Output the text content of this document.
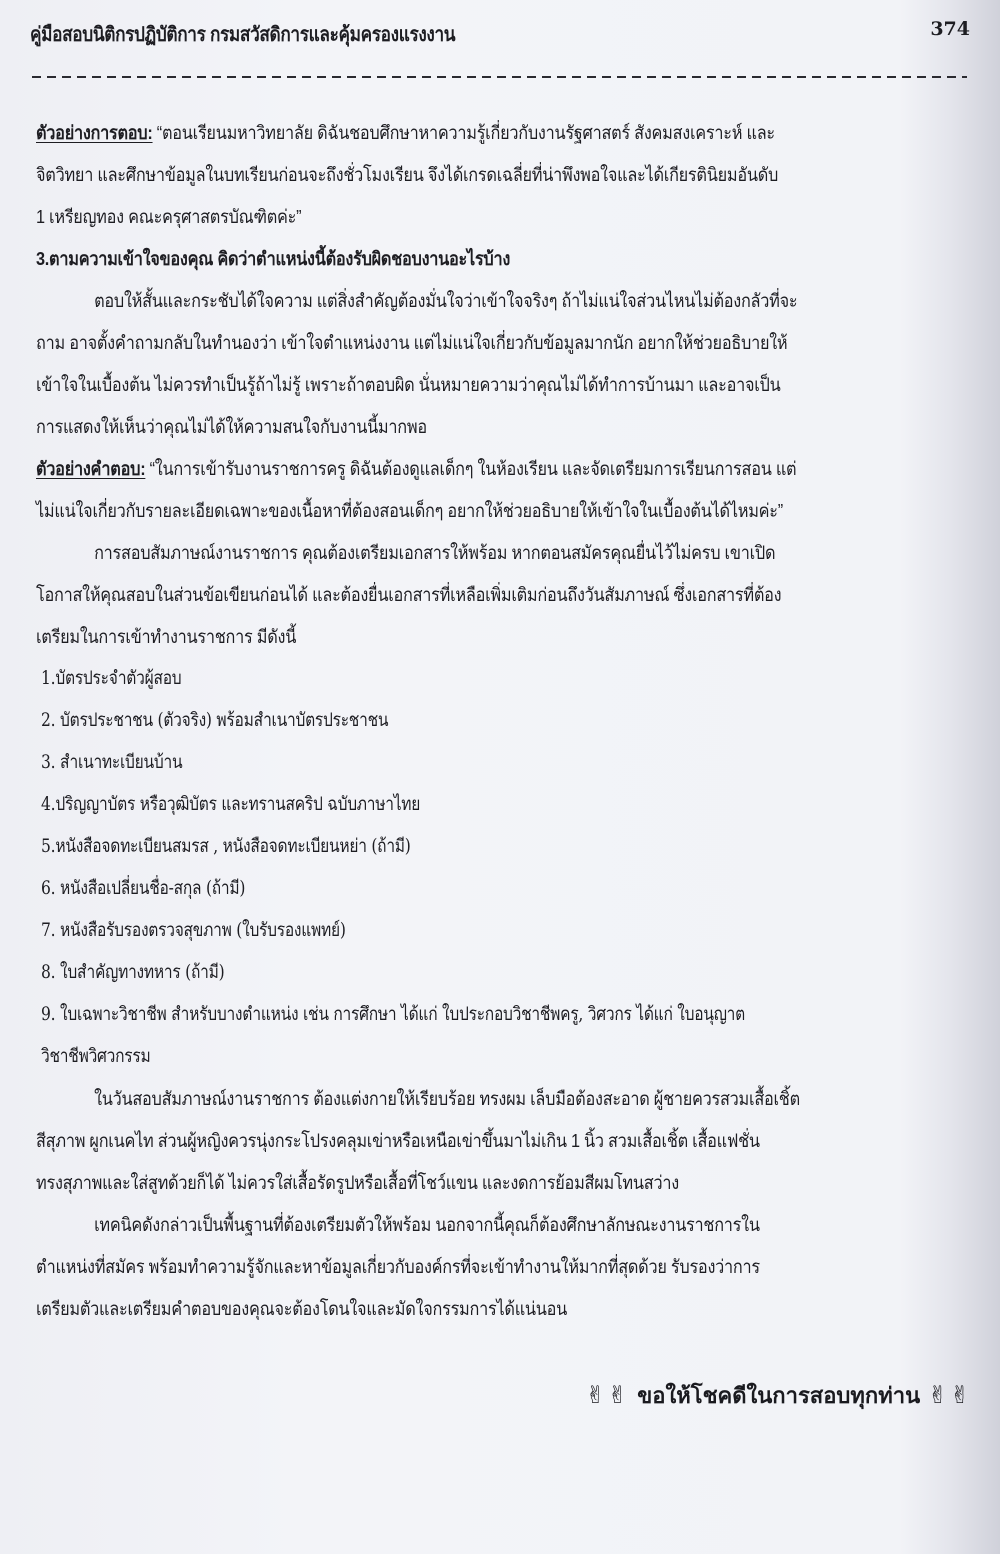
คู่มือสอบนิติกรปฏิบัติการ กรมสวัสดิการและคุ้มครองแรงงาน	374
ตัวอย่างการตอบ: “ตอนเรียนมหาวิทยาลัย ดิฉันชอบศึกษาหาความรู้เกี่ยวกับงานรัฐศาสตร์ สังคมสงเคราะห์ และ
จิตวิทยา และศึกษาข้อมูลในบทเรียนก่อนจะถึงชั่วโมงเรียน จึงได้เกรดเฉลี่ยที่น่าพึงพอใจและได้เกียรตินิยมอันดับ
1 เหรียญทอง คณะครุศาสตรบัณฑิตค่ะ”
3.ตามความเข้าใจของคุณ คิดว่าตำแหน่งนี้ต้องรับผิดชอบงานอะไรบ้าง
ตอบให้สั้นและกระชับได้ใจความ แต่สิ่งสำคัญต้องมั่นใจว่าเข้าใจจริงๆ ถ้าไม่แน่ใจส่วนไหนไม่ต้องกลัวที่จะ
ถาม อาจตั้งคำถามกลับในทำนองว่า เข้าใจตำแหน่งงาน แต่ไม่แน่ใจเกี่ยวกับข้อมูลมากนัก อยากให้ช่วยอธิบายให้
เข้าใจในเบื้องต้น ไม่ควรทำเป็นรู้ถ้าไม่รู้ เพราะถ้าตอบผิด นั่นหมายความว่าคุณไม่ได้ทำการบ้านมา และอาจเป็น
การแสดงให้เห็นว่าคุณไม่ได้ให้ความสนใจกับงานนี้มากพอ
ตัวอย่างคำตอบ: “ในการเข้ารับงานราชการครู ดิฉันต้องดูแลเด็กๆ ในห้องเรียน และจัดเตรียมการเรียนการสอน แต่
ไม่แน่ใจเกี่ยวกับรายละเอียดเฉพาะของเนื้อหาที่ต้องสอนเด็กๆ อยากให้ช่วยอธิบายให้เข้าใจในเบื้องต้นได้ไหมค่ะ”
การสอบสัมภาษณ์งานราชการ คุณต้องเตรียมเอกสารให้พร้อม หากตอนสมัครคุณยื่นไว้ไม่ครบ เขาเปิด
โอกาสให้คุณสอบในส่วนข้อเขียนก่อนได้ และต้องยื่นเอกสารที่เหลือเพิ่มเติมก่อนถึงวันสัมภาษณ์ ซึ่งเอกสารที่ต้อง
เตรียมในการเข้าทำงานราชการ มีดังนี้
1.บัตรประจำตัวผู้สอบ
2. บัตรประชาชน (ตัวจริง) พร้อมสำเนาบัตรประชาชน
3. สำเนาทะเบียนบ้าน
4.ปริญญาบัตร หรือวุฒิบัตร และทรานสคริป ฉบับภาษาไทย
5.หนังสือจดทะเบียนสมรส , หนังสือจดทะเบียนหย่า (ถ้ามี)
6. หนังสือเปลี่ยนชื่อ-สกุล (ถ้ามี)
7. หนังสือรับรองตรวจสุขภาพ (ใบรับรองแพทย์)
8. ใบสำคัญทางทหาร (ถ้ามี)
9. ใบเฉพาะวิชาชีพ สำหรับบางตำแหน่ง เช่น การศึกษา ได้แก่ ใบประกอบวิชาชีพครู, วิศวกร ได้แก่ ใบอนุญาต
วิชาชีพวิศวกรรม
ในวันสอบสัมภาษณ์งานราชการ ต้องแต่งกายให้เรียบร้อย ทรงผม เล็บมือต้องสะอาด ผู้ชายควรสวมเสื้อเชิ้ต
สีสุภาพ ผูกเนคไท ส่วนผู้หญิงควรนุ่งกระโปรงคลุมเข่าหรือเหนือเข่าขึ้นมาไม่เกิน 1 นิ้ว สวมเสื้อเชิ้ต เสื้อแฟชั่น
ทรงสุภาพและใส่สูทด้วยก็ได้ ไม่ควรใส่เสื้อรัดรูปหรือเสื้อที่โชว์แขน และงดการย้อมสีผมโทนสว่าง
เทคนิคดังกล่าวเป็นพื้นฐานที่ต้องเตรียมตัวให้พร้อม นอกจากนี้คุณก็ต้องศึกษาลักษณะงานราชการใน
ตำแหน่งที่สมัคร พร้อมทำความรู้จักและหาข้อมูลเกี่ยวกับองค์กรที่จะเข้าทำงานให้มากที่สุดด้วย รับรองว่าการ
เตรียมตัวและเตรียมคำตอบของคุณจะต้องโดนใจและมัดใจกรรมการได้แน่นอน
✌✌ ขอให้โชคดีในการสอบทุกท่าน ✌✌
